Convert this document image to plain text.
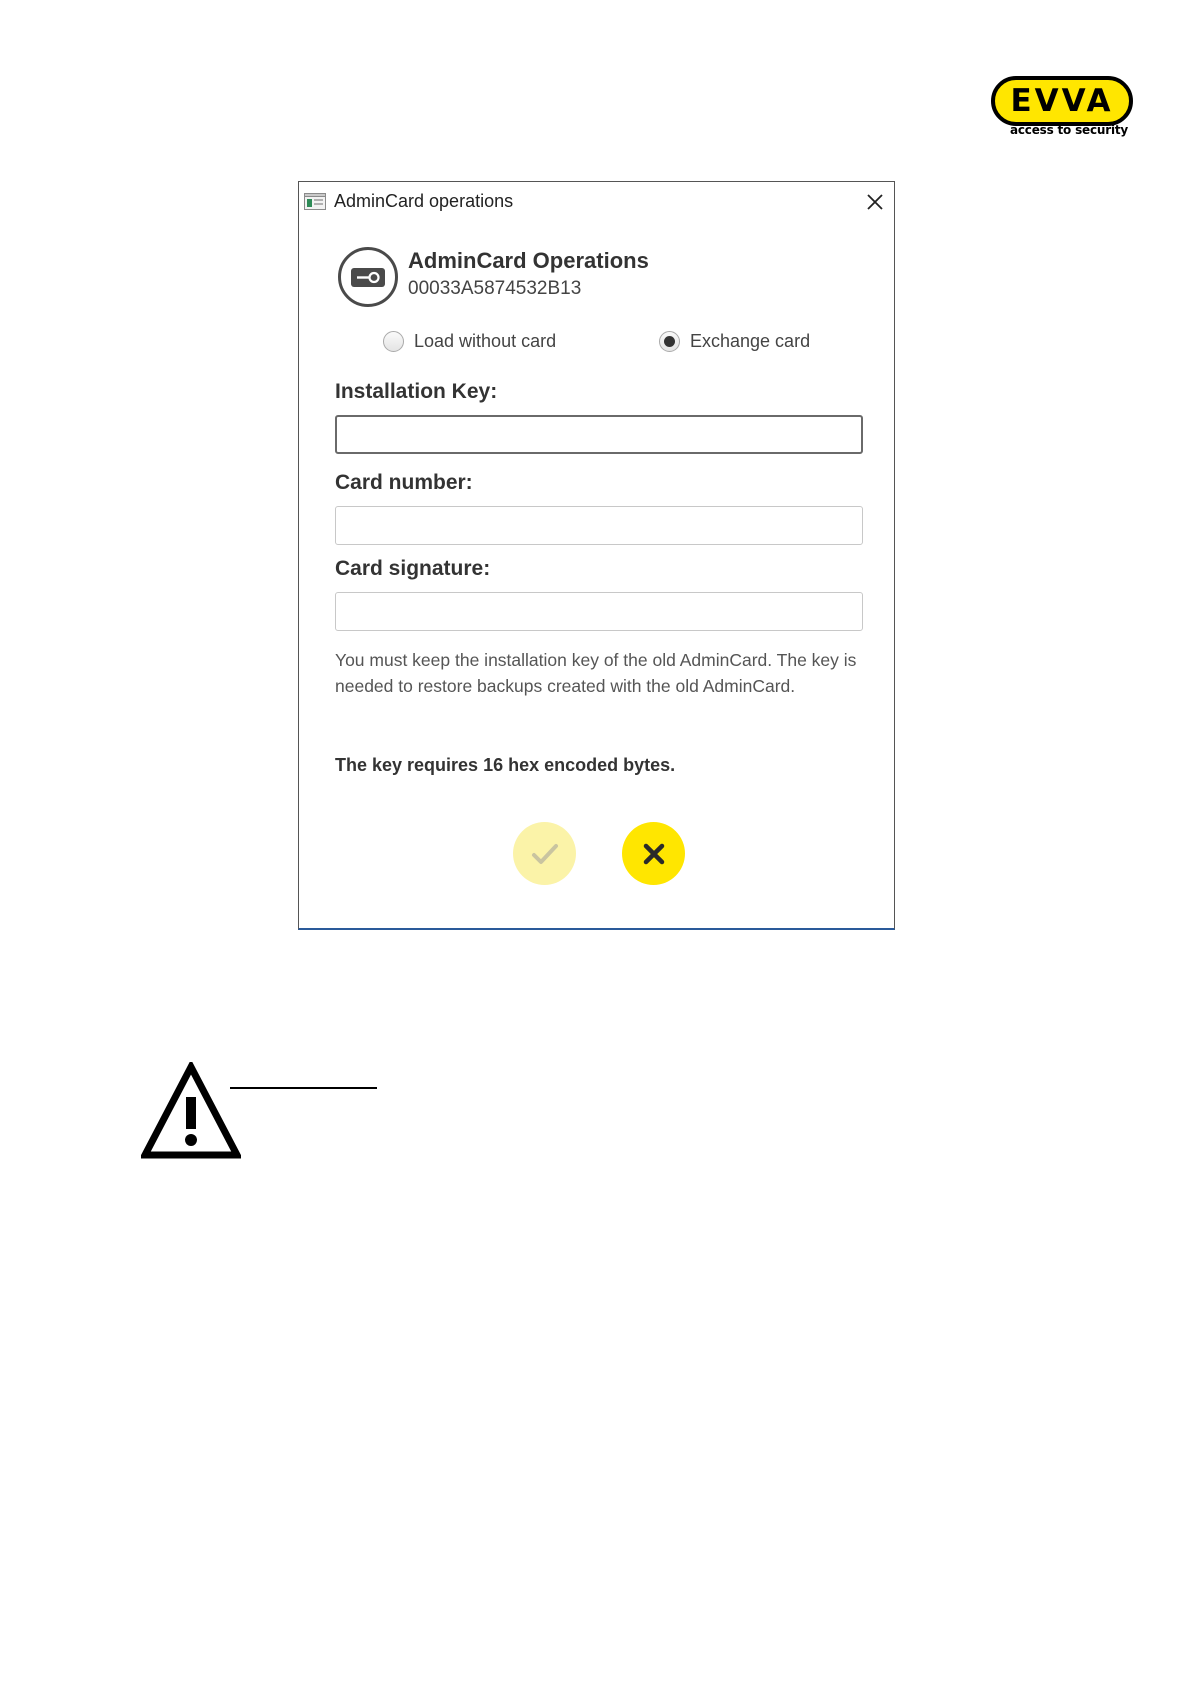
EVVA
access to security
AdminCard operations
AdminCard Operations
00033A5874532B13
Load without card	Exchange card
Installation Key:
Card number:
Card signature:
You must keep the installation key of the old AdminCard. The key is needed to restore backups created with the old AdminCard.
The key requires 16 hex encoded bytes.
